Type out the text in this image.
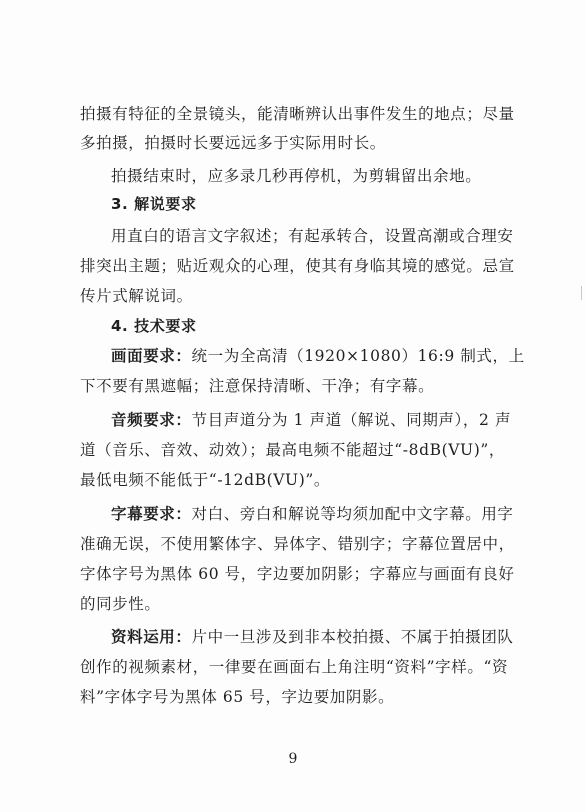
拍摄有特征的全景镜头，能清晰辨认出事件发生的地点；尽量
多拍摄，拍摄时长要远远多于实际用时长。
拍摄结束时，应多录几秒再停机，为剪辑留出余地。
3. 解说要求
用直白的语言文字叙述；有起承转合，设置高潮或合理安
排突出主题；贴近观众的心理，使其有身临其境的感觉。忌宣
传片式解说词。
4. 技术要求
画面要求：统一为全高清（1920×1080）16:9 制式，上
下不要有黑遮幅；注意保持清晰、干净；有字幕。
音频要求：节目声道分为 1 声道（解说、同期声），2 声
道（音乐、音效、动效）；最高电频不能超过“-8dB(VU)”，
最低电频不能低于“-12dB(VU)”。
字幕要求：对白、旁白和解说等均须加配中文字幕。用字
准确无误，不使用繁体字、异体字、错别字；字幕位置居中，
字体字号为黑体 60 号，字边要加阴影；字幕应与画面有良好
的同步性。
资料运用：片中一旦涉及到非本校拍摄、不属于拍摄团队
创作的视频素材，一律要在画面右上角注明“资料”字样。“资
料”字体字号为黑体 65 号，字边要加阴影。
9
